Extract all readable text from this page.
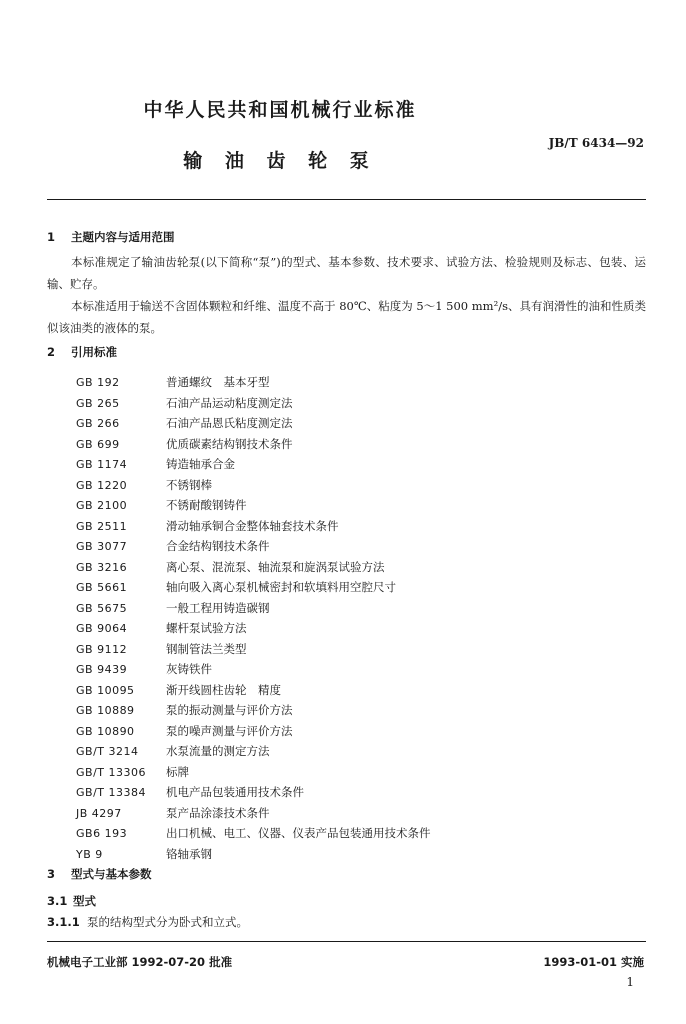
中华人民共和国机械行业标准
JB/T 6434—92
输 油 齿 轮 泵
1 主题内容与适用范围

本标准规定了输油齿轮泵(以下简称“泵”)的型式、基本参数、技术要求、试验方法、检验规则及标志、包装、运输、贮存。

本标准适用于输送不含固体颗粒和纤维、温度不高于 80℃、粘度为 5～1 500 mm²/s、具有润滑性的油和性质类似该油类的液体的泵。

2 引用标准
GB 192	普通螺纹　基本牙型
GB 265	石油产品运动粘度测定法
GB 266	石油产品恩氏粘度测定法
GB 699	优质碳素结构钢技术条件
GB 1174	铸造轴承合金
GB 1220	不锈钢棒
GB 2100	不锈耐酸钢铸件
GB 2511	滑动轴承铜合金整体轴套技术条件
GB 3077	合金结构钢技术条件
GB 3216	离心泵、混流泵、轴流泵和旋涡泵试验方法
GB 5661	轴向吸入离心泵机械密封和软填料用空腔尺寸
GB 5675	一般工程用铸造碳钢
GB 9064	螺杆泵试验方法
GB 9112	钢制管法兰类型
GB 9439	灰铸铁件
GB 10095	渐开线圆柱齿轮　精度
GB 10889	泵的振动测量与评价方法
GB 10890	泵的噪声测量与评价方法
GB/T 3214 水泵流量的测定方法
GB/T 13306 标牌
GB/T 13384 机电产品包装通用技术条件
JB 4297	泵产品涂漆技术条件
GB6 193	出口机械、电工、仪器、仪表产品包装通用技术条件
YB 9	铬轴承钢
3 型式与基本参数
3.1 型式
3.1.1 泵的结构型式分为卧式和立式。
机械电子工业部 1992-07-20 批准	1993-01-01 实施
1
